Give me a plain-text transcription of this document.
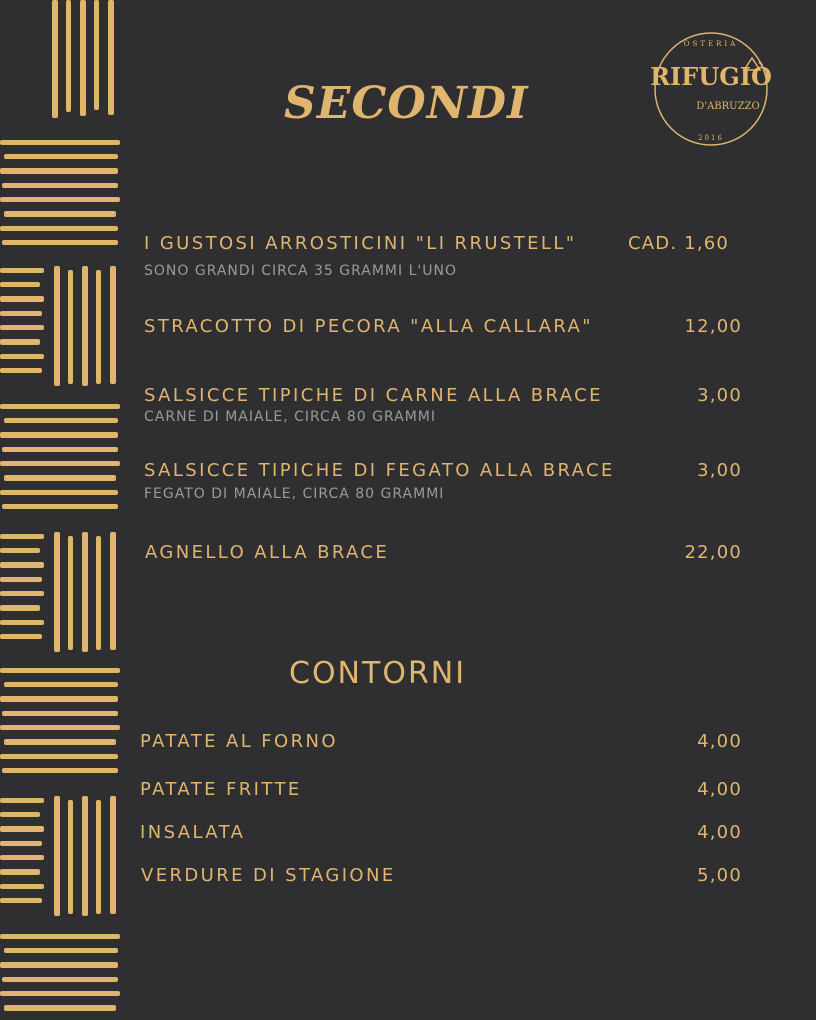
OSTERIA
RIFUGIÒ
D'ABRUZZO
2016
SECONDI
I GUSTOSI ARROSTICINI "LI RRUSTELL"	CAD. 1,60
SONO GRANDI CIRCA 35 GRAMMI L'UNO
STRACOTTO DI PECORA "ALLA CALLARA"	12,00
SALSICCE TIPICHE DI CARNE ALLA BRACE	3,00
CARNE DI MAIALE, CIRCA 80 GRAMMI
SALSICCE TIPICHE DI FEGATO ALLA BRACE	3,00
FEGATO DI MAIALE, CIRCA 80 GRAMMI
AGNELLO ALLA BRACE	22,00
CONTORNI
PATATE AL FORNO	4,00
PATATE FRITTE	4,00
INSALATA	4,00
VERDURE DI STAGIONE	5,00
